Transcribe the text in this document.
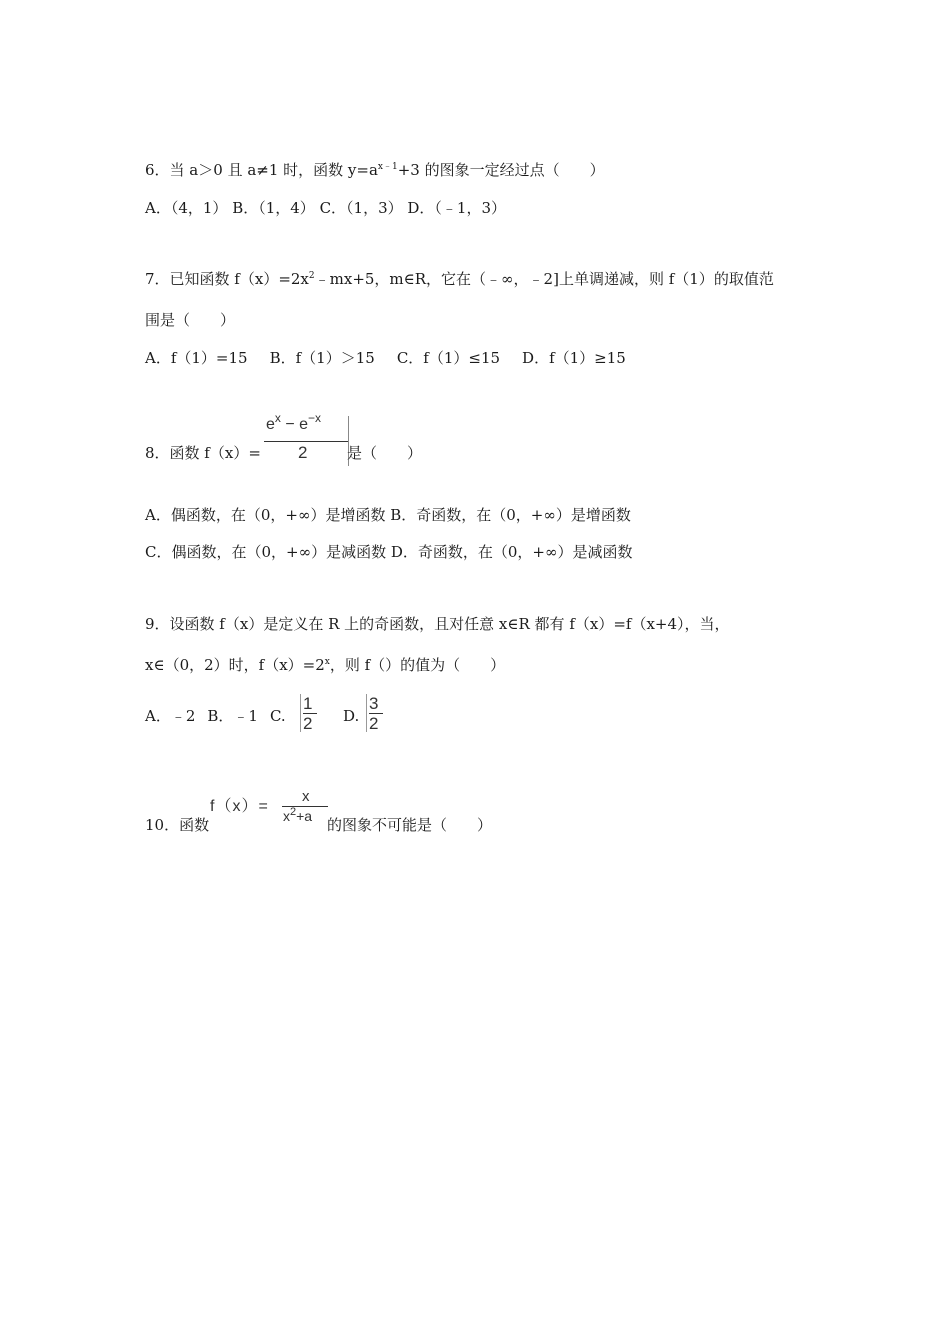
6．当 a＞0 且 a≠1 时，函数 $y=a^{x﹣1}+3$ 的图象一定经过点（　　）
A．（4，1） B．（1，4） C．（1，3） D．（﹣1，3）
7．已知函数 $f(x)=2x^2﹣mx+5$，m∈R，它在（﹣∞，﹣2]上单调递减，则 f（1）的取值范
围是（　　）
A．f（1）=15 B．f（1）＞15 C．f（1）≤15 D．f（1）≥15
8．函数 f（x）=
$e^x - e^{-x}$
2	是（　　）
A．偶函数，在（0，+∞）是增函数 B．奇函数，在（0，+∞）是增函数
C．偶函数，在（0，+∞）是减函数 D．奇函数，在（0，+∞）是减函数
9．设函数 f（x）是定义在 R 上的奇函数，且对任意 x∈R 都有 f（x）=f（x+4），当，
x∈（0，2）时，$f(x)=2^x$，则 f（）的值为（　　）
A．﹣2 B．﹣1 C.
1
2 D.
3
2
10．函数
f（x）=
x
$x^2+a$ 的图象不可能是（　　）
